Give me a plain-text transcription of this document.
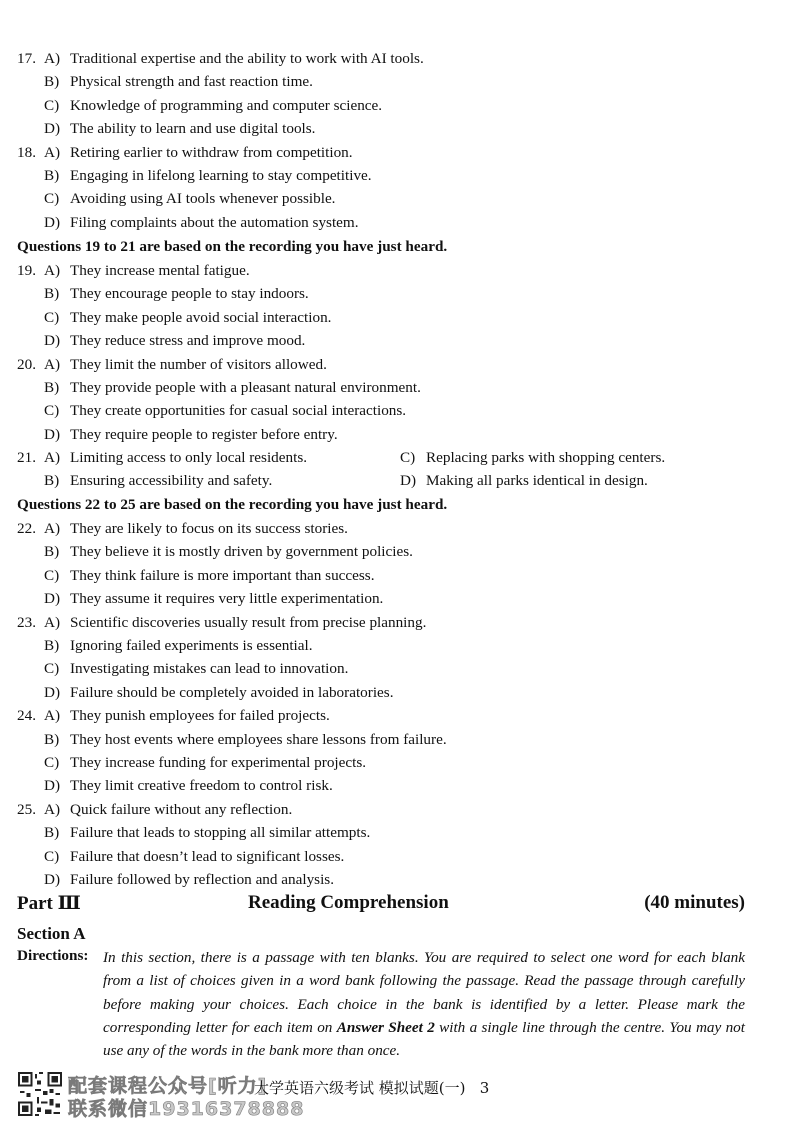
17. A) Traditional expertise and the ability to work with AI tools.
B) Physical strength and fast reaction time.
C) Knowledge of programming and computer science.
D) The ability to learn and use digital tools.
18. A) Retiring earlier to withdraw from competition.
B) Engaging in lifelong learning to stay competitive.
C) Avoiding using AI tools whenever possible.
D) Filing complaints about the automation system.
19. A) They increase mental fatigue.
B) They encourage people to stay indoors.
C) They make people avoid social interaction.
D) They reduce stress and improve mood.
20. A) They limit the number of visitors allowed.
B) They provide people with a pleasant natural environment.
C) They create opportunities for casual social interactions.
D) They require people to register before entry.
22. A) They are likely to focus on its success stories.
B) They believe it is mostly driven by government policies.
C) They think failure is more important than success.
D) They assume it requires very little experimentation.
23. A) Scientific discoveries usually result from precise planning.
B) Ignoring failed experiments is essential.
C) Investigating mistakes can lead to innovation.
D) Failure should be completely avoided in laboratories.
24. A) They punish employees for failed projects.
B) They host events where employees share lessons from failure.
C) They increase funding for experimental projects.
D) They limit creative freedom to control risk.
25. A) Quick failure without any reflection.
B) Failure that leads to stopping all similar attempts.
C) Failure that doesn’t lead to significant losses.
D) Failure followed by reflection and analysis.
Questions 19 to 21 are based on the recording you have just heard.
21. A) Limiting access to only local residents.	C) Replacing parks with shopping centers.
B) Ensuring accessibility and safety.	D) Making all parks identical in design.
Questions 22 to 25 are based on the recording you have just heard.
Part Ⅲ	Reading Comprehension	(40 minutes)
Section A
Directions: In this section, there is a passage with ten blanks. You are required to select one word for each blank from a list of choices given in a word bank following the passage. Read the passage through carefully before making your choices. Each choice in the bank is identified by a letter. Please mark the corresponding letter for each item on Answer Sheet 2 with a single line through the centre. You may not use any of the words in the bank more than once.
配套课程公众号[听力]
联系微信19316378888
大学英语六级考试 模拟试题(一) 3
